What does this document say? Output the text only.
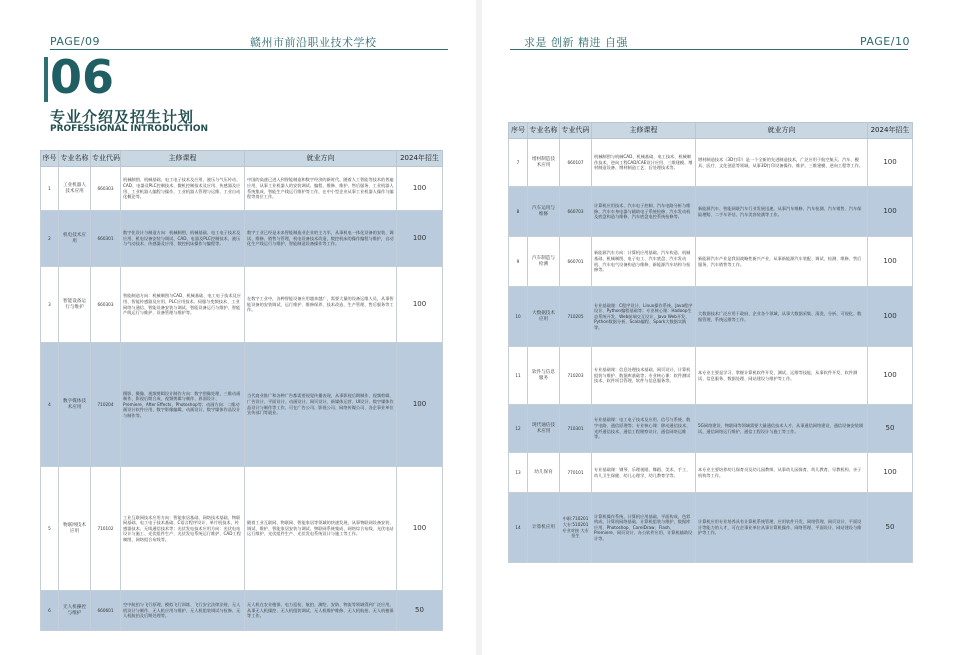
PAGE/09	赣州市前沿职业技术学校
06
专业介绍及招生计划
PROFESSIONAL INTRODUCTION
序号	专业名称	专业代码	主修课程	就业方向	2024年招生
1	工业机器人技术应用	660303	机械制图、机械基础、电工电子技术及应用、液压与气压传动、CAD、电器及PLC控制技术、微机控制技术及应用、传感器及应用、工业机器人编程与操作、工业机器人管理与运维、工业自动化概论等。	中国的高速已进入到智能制造和数字经济的新时代。随着人工智能等技术的普遍应用，从事工业机器人的安装调试、编程、维修、维护、售后服务、工业机器人系统集成、智能生产线运行维护等工作，在中小型企业从事工业机器人操作与编程等岗位工作。	100
2	机电技术应用	660301	数字化设计与制造方向：机械制图、机械基础、电工电子技术及应用、机电设备安装与调试、CAD、电器及PLC控制技术、液压与气动技术、传感器及应用、数控机床操作与编程等。	数字工业已经是未来智能制造业企业的主力军，从事机电一体化设备的安装、调试、维修、销售与管理，机电设备技术改造，数控机床的操作编程与维护，自动化生产线运行与维护，智能制造设备操作等工作。	100
3	智能设备运行与维护	660303	智能制造方向：机械制图与CAD、机械基础、电工电子技术及应用、智能传感器及应用、PLC应用技术、伺服与变频技术、工业网络与通信、智能设备安装与调试、智能设备运行与维护、智能产线运行与维护、设备管理与维护等。	在数字工业中，各种智能设备应用越来越广，需要大量的设备运维人员，从事智能设备的安装调试、运行维护、维修保养、技术改造、生产管理、售后服务等工作。	100
4	数字媒体技术应用	710204	摄影、摄像、视频剪辑设计制作方向：数字图像处理、三维动画制作、影视后期合成、视频剪辑与制作、界面设计、Premiere、After Effects、Photoshop等；动画方向：二维动画设计软件应用、数字影像编辑、动画设计、数字媒体作品设计与制作等。	当代商业推广和各种广告都需要视觉传播表现，从事影视后期制作、视频剪辑、广告设计、平面设计、动画设计、网页设计、新媒体运营、UI设计、数字媒体作品设计与制作等工作，可在广告公司、影视公司、网络传媒公司、各企事业单位宣传部门等就业。	100
5	物联网技术应用	710102	工业互联网技术应用方向：智能家居基础、网络技术基础、物联网基础、电工电子技术基础、C语言程序设计、单片机技术、传感器技术、无线通信技术等；光伏发电技术应用方向：光伏电站设计与施工、光伏组件生产、光伏发电系统运行维护、CAD工程制图、网络组合布线等。	随着工业互联网、物联网、智能家居等领域的快速发展，从事物联网设备安装、调试、维护、智能家居安装与调试、物联网系统集成、网络综合布线、光伏电站运行维护、光伏组件生产、光伏发电系统设计与施工等工作。	100
6	无人机操控与维护	660601	空中航拍与飞行原理、模拟飞行训练、飞行安全法律法规、无人机设计与制作、无人机应用与维护、无人机组装调试与检修、无人机航拍及后期处理等。	无人机在农业植保、电力巡检、航拍、测绘、安防、物流等领域得到广泛应用，从事无人机操控、无人机组装调试、无人机维护维修、无人机航拍、无人机植保等工作。	50
求是 创新 精进 自强	PAGE/10
序号	专业名称	专业代码	主修课程	就业方向	2024年招生
7	增材制造技术应用	660107	机械制图与机械CAD、机械基础、电工技术、机械制作技术、逆向工程CAD/CAE设计应用、三维建模、增材制造设备、增材制造工艺、后处理技术等。	增材制造技术（3D打印）是一个全新的先进制造技术，广泛应用于航空航天、汽车、模具、医疗、文化创意等领域，从事3D打印设备操作、维护，三维建模、逆向工程等工作。	100
8	汽车运用与维修	660703	计算机应用技术、汽车电子控制、汽车电路分析与维修、汽车车身电器与辅助电子系统检修、汽车发动机及底盘构造与维修、汽车底盘电控系统检修等。	新能源汽车、智能网联汽车行业发展迅速，从事汽车维修、汽车检测、汽车销售、汽车保险理赔、二手车评估、汽车美容装潢等工作。	100
9	汽车制造与检测	660701	新能源汽车方向：计算机应用基础、汽车构造、机械基础、机械制图、电子电工、汽车底盘、汽车发动机、汽车电气设备构造与维修、新能源汽车结构与检修等。	新能源汽车产业是我国战略性新兴产业，从事新能源汽车装配、调试、检测、维修、售后服务、汽车销售等工作。	100
10	大数据技术应用	710205	专业基础课：C程序设计、Linux操作系统、Java程序设计、Python编程基础等；专业核心课：Hadoop生态系统开发、Web前端交互设计、Java Web开发、Python数据分析、Scala编程、Spark大数据实践等。	大数据技术广泛应用于政府、企业各个领域，从事大数据采集、清洗、分析、可视化、数据管理、系统运维等工作。	100
11	软件与信息服务	710203	专业基础课：信息处理技术基础、网页设计、计算机组装与维护、数据库基础等；专业核心课：软件测试技术、软件项目管理、软件与信息服务等。	本专业主要是学习、掌握计算机软件开发、测试、运维等技能，从事软件开发、软件测试、信息服务、数据处理、网站建设与维护等工作。	100
12	现代通信技术应用	710301	专业基础课：电工电子技术及应用、信号与系统、数字电路、通信原理等；专业核心课：移动通信技术、光纤通信技术、通信工程勘察设计、通信网络运维等。	5G网络建设、物联网等领域需要大量通信技术人才，从事通信网络建设、通信设备安装调试、通信网络运行维护、通信工程设计与施工等工作。	50
13	幼儿保育	770101	专业基础课：钢琴、乐理视唱、舞蹈、美术、手工、幼儿卫生保健、幼儿心理学、幼儿教育学等。	本专业主要培养幼儿保育员及幼儿园教师，从事幼儿园保育、幼儿教育、早教机构、亲子机构等工作。	100
14	计算机应用	中职:710201 大专:510201 专业对接 大专招生	计算机操作系统、计算机应用基础、平面构成、色彩构成、计算机网络基础、计算机组装与维护、数据库应用、Photoshop、CorelDraw、Flash、Premiere、网页设计、办公软件应用、计算机辅助设计等。	计算机应用专业培养具有计算机系统管理、应用软件开发、网络管理、网页设计、平面设计等能力的人才，可在企事业单位从事计算机操作、网络管理、平面设计、网站建设与维护等工作。	50
